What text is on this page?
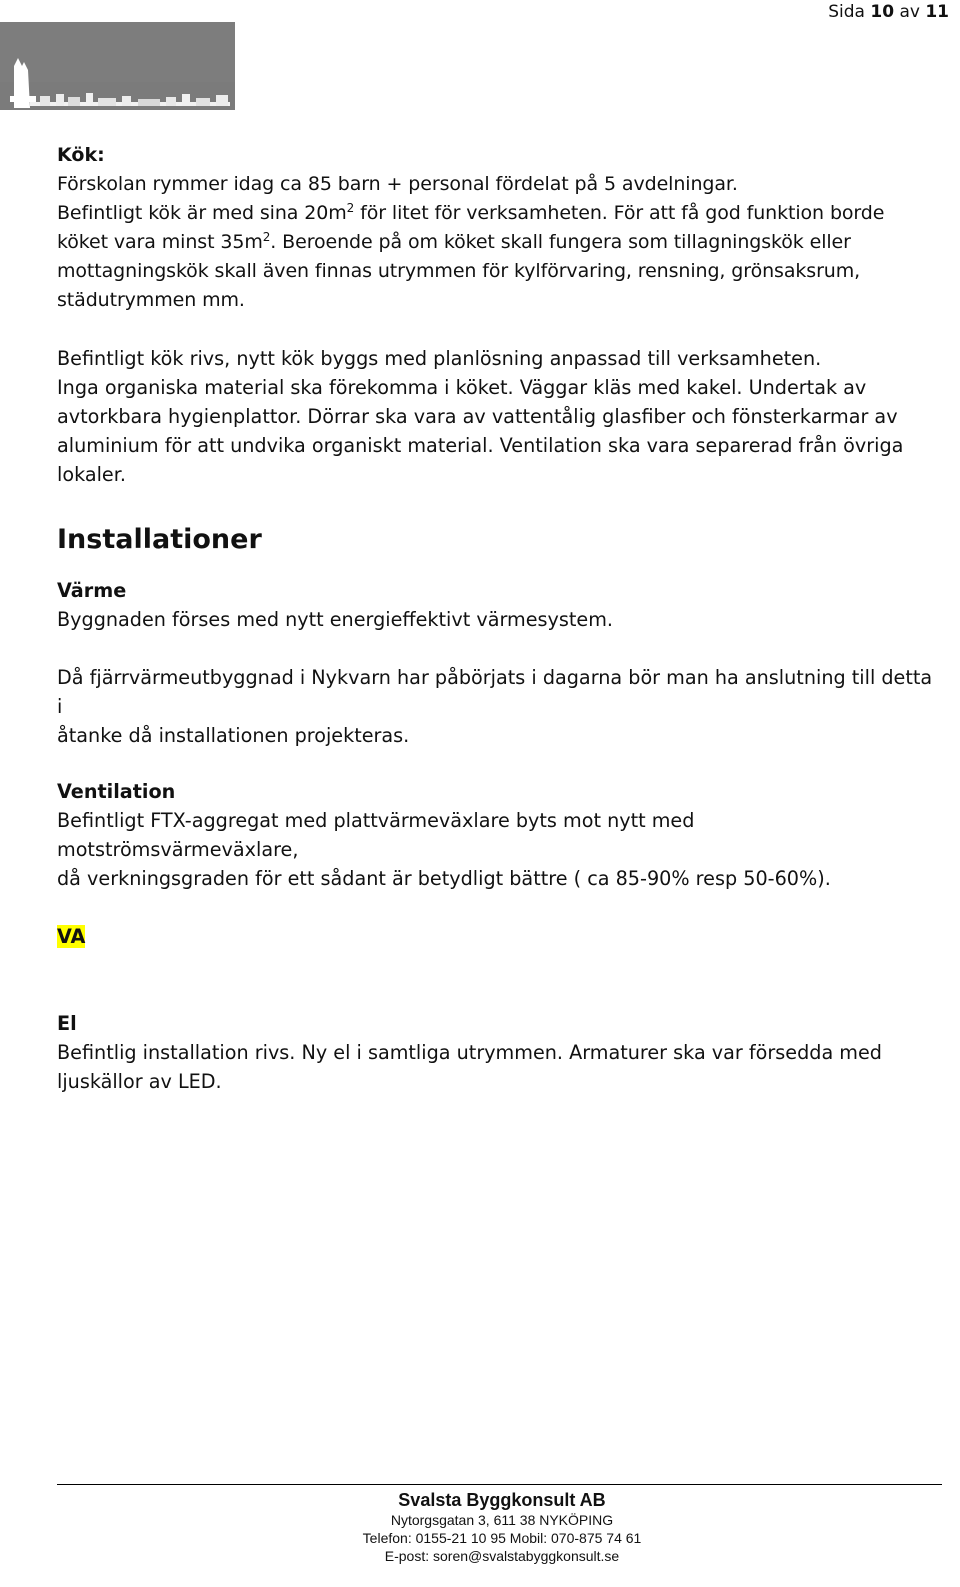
Sida 10 av 11

Kök:

Förskolan rymmer idag ca 85 barn + personal fördelat på 5 avdelningar.

Befintligt kök är med sina $20m^2$ för litet för verksamheten. För att få god funktion borde

köket vara minst $35m^2$. Beroende på om köket skall fungera som tillagningskök eller

mottagningskök skall även finnas utrymmen för kylförvaring, rensning, grönsaksrum,

städutrymmen mm.

Befintligt kök rivs, nytt kök byggs med planlösning anpassad till verksamheten.

Inga organiska material ska förekomma i köket. Väggar kläs med kakel. Undertak av

avtorkbara hygienplattor. Dörrar ska vara av vattentålig glasfiber och fönsterkarmar av

aluminium för att undvika organiskt material. Ventilation ska vara separerad från övriga

lokaler.

Installationer

Värme

Byggnaden förses med nytt energieffektivt värmesystem.

Då fjärrvärmeutbyggnad i Nykvarn har påbörjats i dagarna bör man ha anslutning till detta i

åtanke då installationen projekteras.

Ventilation

Befintligt FTX-aggregat med plattvärmeväxlare byts mot nytt med motströmsvärmeväxlare,

då verkningsgraden för ett sådant är betydligt bättre ( ca 85-90% resp 50-60%).

VA

El

Befintlig installation rivs. Ny el i samtliga utrymmen. Armaturer ska var försedda med

ljuskällor av LED.

Svalsta Byggkonsult AB
Nytorgsgatan 3, 611 38 NYKÖPING
Telefon: 0155-21 10 95 Mobil: 070-875 74 61
E-post: soren@svalstabyggkonsult.se
